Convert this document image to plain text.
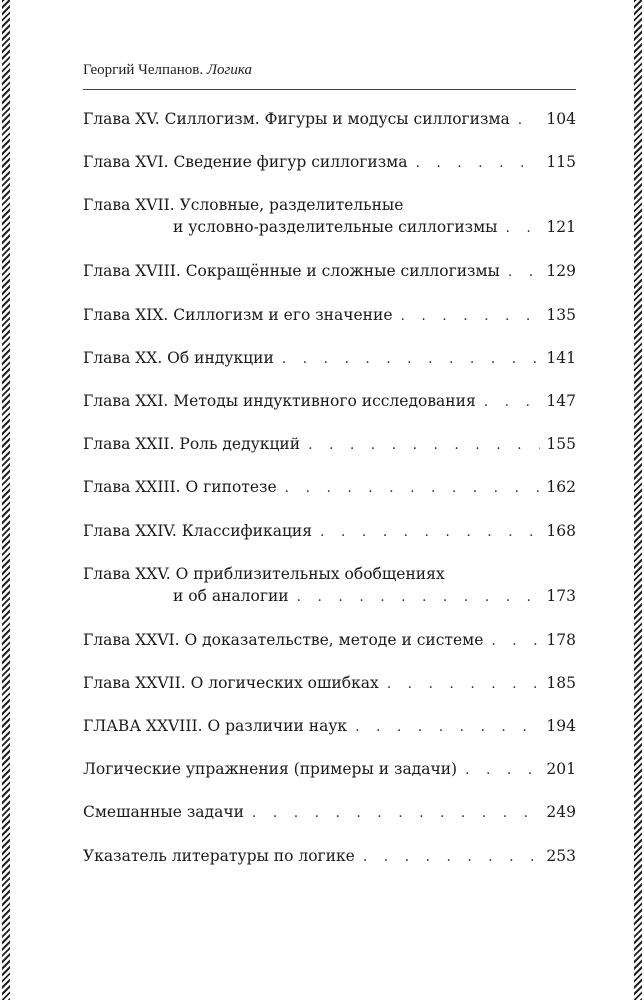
Георгий Челпанов. Логика
Глава XV. Силлогизм. Фигуры и модусы силлогизма . . . 104
Глава XVI. Сведение фигур силлогизма . . .	115
Глава XVII. Условные, разделительные
и условно-разделительные силлогизмы . . .	121
Глава XVIII. Сокращённые и сложные силлогизмы . . .	129
Глава XIX. Силлогизм и его значение . . .	135
Глава XX. Об индукции . . .	141
Глава XXI. Методы индуктивного исследования . . .	147
Глава XXII. Роль дедукций . . .	155
Глава XXIII. О гипотезе . . .	162
Глава XXIV. Классификация . . .	168
Глава XXV. О приблизительных обобщениях
и об аналогии . . .	173
Глава XXVI. О доказательстве, методе и системе . . .	178
Глава XXVII. О логических ошибках . . .	185
ГЛАВА XXVIII. О различии наук . . .	194
Логические упражнения (примеры и задачи) . . .	201
Смешанные задачи . . .	249
Указатель литературы по логике . . .	253
